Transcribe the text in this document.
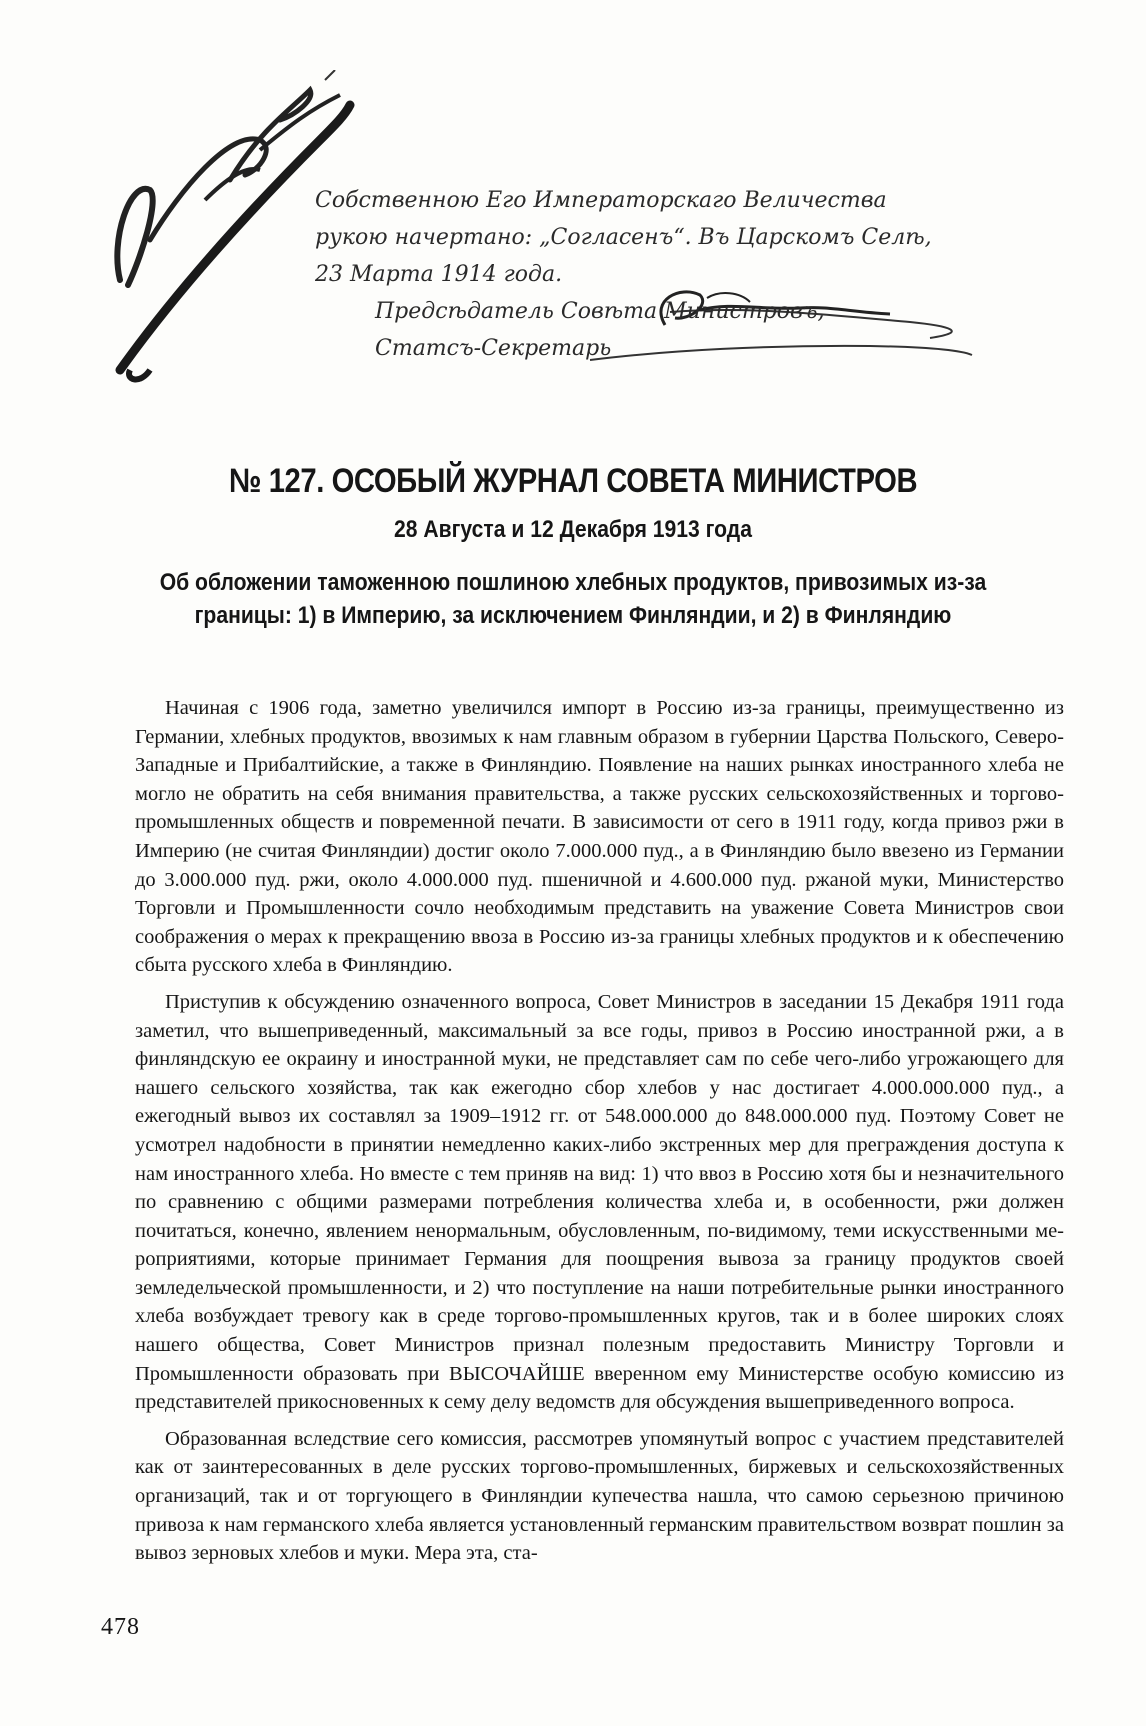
Собственною Его Императорскаго Величества
рукою начертано: „Согласенъ“. Въ Царскомъ Селѣ,
23 Марта 1914 года.
Предсѣдатель Совѣта Министровъ,
Статсъ-Секретарь
№ 127. ОСОБЫЙ ЖУРНАЛ СОВЕТА МИНИСТРОВ
28 Августа и 12 Декабря 1913 года
Об обложении таможенною пошлиною хлебных продуктов, привозимых из-за границы: 1) в Империю, за исключением Финляндии, и 2) в Финляндию

Начиная с 1906 года, заметно увеличился импорт в Россию из-за границы, преимущественно из Германии, хлебных продуктов, ввозимых к нам главным образом в губернии Царства Польского, Северо-Западные и Прибалтийские, а также в Финляндию. Появление на наших рынках иностранного хлеба не могло не обратить на себя внимания правительства, а также русских сельскохозяйственных и торгово-промышленных обществ и повременной печати. В зависимости от сего в 1911 году, когда привоз ржи в Империю (не считая Финляндии) достиг около 7.000.000 пуд., а в Финляндию было ввезено из Германии до 3.000.000 пуд. ржи, около 4.000.000 пуд. пшеничной и 4.600.000 пуд. ржаной муки, Министерство Торговли и Промышленности сочло необходимым представить на уважение Совета Министров свои соображения о мерах к прекращению ввоза в Россию из-за границы хлебных продуктов и к обеспечению сбыта русского хлеба в Финляндию.

Приступив к обсуждению означенного вопроса, Совет Министров в заседании 15 Декабря 1911 года заметил, что вышеприведенный, максимальный за все годы, привоз в Россию иностранной ржи, а в финляндскую ее окраину и иностранной муки, не представляет сам по себе чего-либо угрожающего для нашего сельского хозяйства, так как ежегодно сбор хлебов у нас достигает 4.000.000.000 пуд., а ежегодный вывоз их составлял за 1909–1912 гг. от 548.000.000 до 848.000.000 пуд. Поэтому Совет не усмотрел надобности в принятии немедленно каких-либо экстренных мер для преграждения доступа к нам иностранного хлеба. Но вместе с тем приняв на вид: 1) что ввоз в Россию хотя бы и незначительного по сравнению с общими размерами потребления количества хлеба и, в особенности, ржи должен почитаться, конечно, явлением ненормальным, обусловленным, по-видимому, теми искусственными мероприятиями, которые принимает Германия для поощрения вывоза за границу продуктов своей земледельческой промышленности, и 2) что поступление на наши потребительные рынки иностранного хлеба возбуждает тревогу как в среде торгово-промышленных кругов, так и в более широких слоях нашего общества, Совет Министров признал полезным предоставить Министру Торговли и Промышленности образовать при ВЫСОЧАЙШЕ вверенном ему Министерстве особую комиссию из представителей прикосновенных к сему делу ведомств для обсуждения вышеприведенного вопроса.

Образованная вследствие сего комиссия, рассмотрев упомянутый вопрос с участием представителей как от заинтересованных в деле русских торгово-промышленных, биржевых и сельскохозяйственных организаций, так и от торгующего в Финляндии купечества нашла, что самою серьезною причиною привоза к нам германского хлеба является установленный германским правительством возврат пошлин за вывоз зерновых хлебов и муки. Мера эта, ста-

478
